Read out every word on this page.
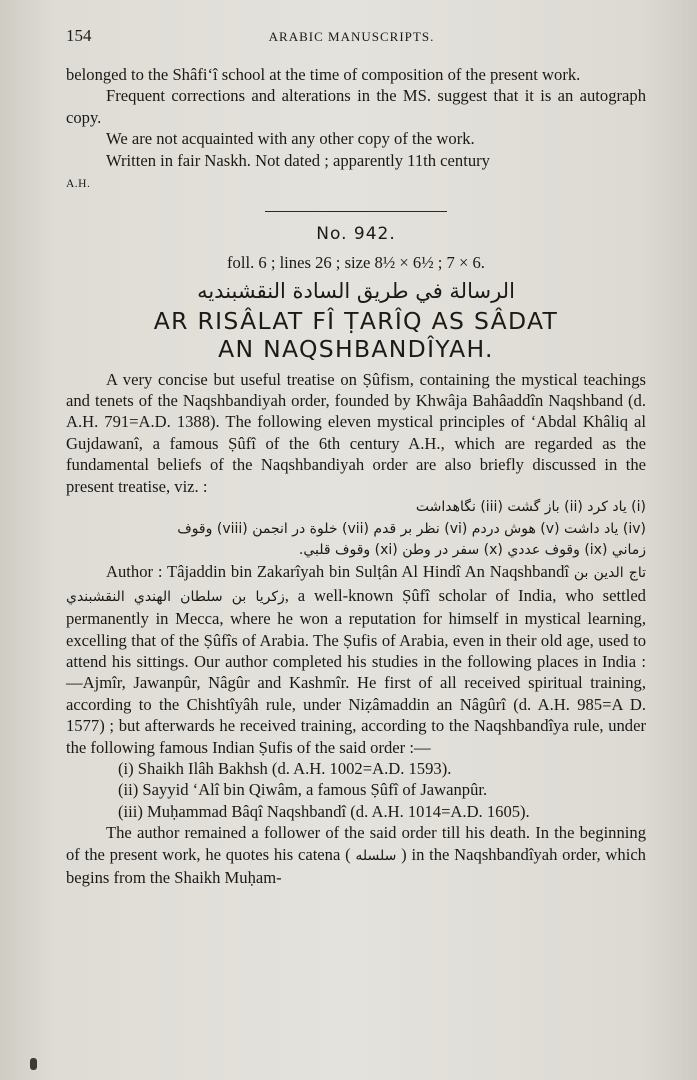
154	ARABIC MANUSCRIPTS.

belonged to the Shâfi‘î school at the time of composition of the present work.

Frequent corrections and alterations in the MS. suggest that it is an autograph copy.

We are not acquainted with any other copy of the work.

Written in fair Naskh. Not dated ; apparently 11th century
A.H.

No. 942.
foll. 6 ; lines 26 ; size 8½ × 6½ ; 7 × 6.
الرسالة في طريق السادة النقشبنديه
AR RISÂLAT FÎ ṬARÎQ AS SÂDAT
AN NAQSHBANDÎYAH.

A very concise but useful treatise on Ṣûfism, containing the mystical teachings and tenets of the Naqshbandiyah order, founded by Khwâja Bahâaddîn Naqshband (d. A.H. 791=A.D. 1388). The following eleven mystical principles of ‘Abdal Khâliq al Gujdawanî, a famous Ṣûfî of the 6th century A.H., which are regarded as the fundamental beliefs of the Naqshbandiyah order are also briefly discussed in the present treatise, viz. :

(i) ياد كرد (ii) باز گشت (iii) نگاهداشت

(iv) ياد داشت (v) هوش دردم (vi) نظر بر قدم (vii) خلوة در انجمن (viii) وقوف

زماني (ix) وقوف عددي (x) سفر در وطن (xi) وقوف قلبي.

Author : Tâjaddin bin Zakarîyah bin Sulṭân Al Hindî An Naqshbandî تاج الدين بن زكريا بن سلطان الهندي النقشبندي, a well-known Ṣûfî scholar of India, who settled permanently in Mecca, where he won a reputation for himself in mystical learning, excelling that of the Ṣûfîs of Arabia. The Ṣufis of Arabia, even in their old age, used to attend his sittings. Our author completed his studies in the following places in India :—Ajmîr, Jawanpûr, Nâgûr and Kashmîr. He first of all received spiritual training, according to the Chishtîyâh rule, under Niẓâmaddin an Nâgûrî (d. A.H. 985=A D. 1577) ; but afterwards he received training, according to the Naqshbandîya rule, under the following famous Indian Ṣufis of the said order :—

(i) Shaikh Ilâh Bakhsh (d. A.H. 1002=A.D. 1593).
(ii) Sayyid ‘Alî bin Qiwâm, a famous Ṣûfî of Jawanpûr.
(iii) Muḥammad Bâqî Naqshbandî (d. A.H. 1014=A.D. 1605).

The author remained a follower of the said order till his death. In the beginning of the present work, he quotes his catena ( سلسله ) in the Naqshbandîyah order, which begins from the Shaikh Muḥam-
